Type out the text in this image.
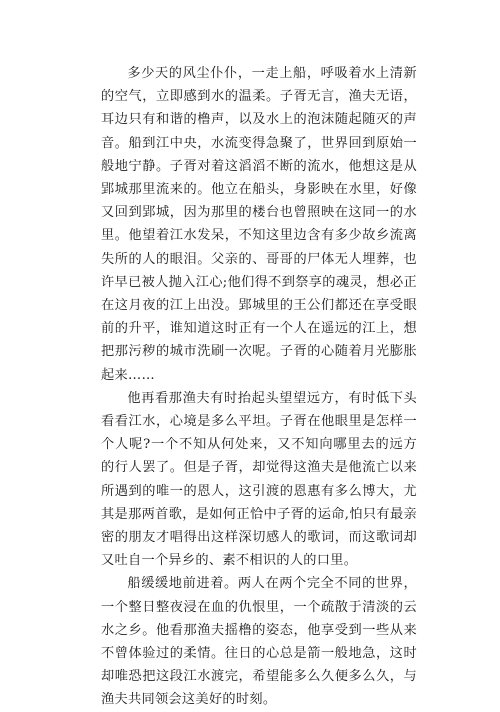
多少天的风尘仆仆，一走上船，呼吸着水上清新的空气，立即感到水的温柔。子胥无言，渔夫无语，耳边只有和谐的橹声，以及水上的泡沫随起随灭的声音。船到江中央，水流变得急聚了，世界回到原始一般地宁静。子胥对着这滔滔不断的流水，他想这是从郢城那里流来的。他立在船头，身影映在水里，好像又回到郢城，因为那里的楼台也曾照映在这同一的水里。他望着江水发呆，不知这里边含有多少故乡流离失所的人的眼泪。父亲的、哥哥的尸体无人埋葬，也许早已被人抛入江心;他们得不到祭享的魂灵，想必正在这月夜的江上出没。郢城里的王公们都还在享受眼前的升平，谁知道这时正有一个人在遥远的江上，想把那污秽的城市洗刷一次呢。子胥的心随着月光膨胀起来……

他再看那渔夫有时抬起头望望远方，有时低下头看看江水，心境是多么平坦。子胥在他眼里是怎样一个人呢?一个不知从何处来，又不知向哪里去的远方的行人罢了。但是子胥，却觉得这渔夫是他流亡以来所遇到的唯一的恩人，这引渡的恩惠有多么博大，尤其是那两首歌，是如何正恰中子胥的运命,怕只有最亲密的朋友才唱得出这样深切感人的歌词，而这歌词却又吐自一个异乡的、素不相识的人的口里。

船缓缓地前进着。两人在两个完全不同的世界，一个整日整夜浸在血的仇恨里，一个疏散于清淡的云水之乡。他看那渔夫摇橹的姿态，他享受到一些从来不曾体验过的柔情。往日的心总是箭一般地急，这时却唯恐把这段江水渡完，希望能多么久便多么久，与渔夫共同领会这美好的时刻。
